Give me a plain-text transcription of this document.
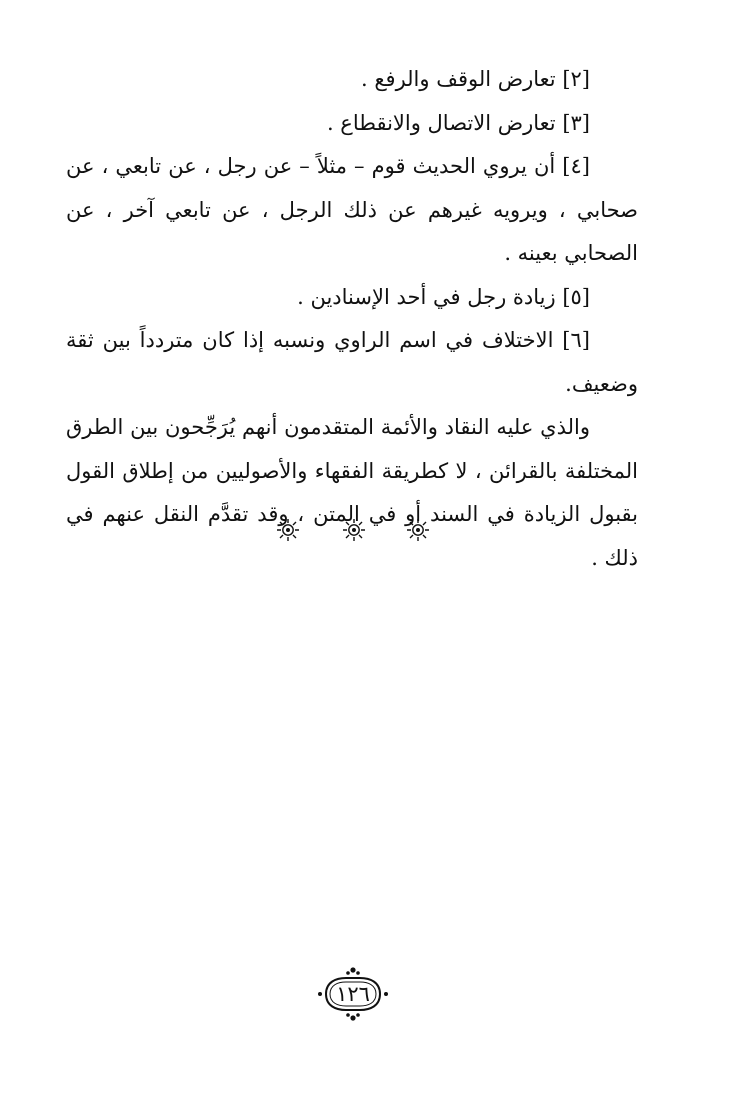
[٢] تعارض الوقف والرفع .

[٣] تعارض الاتصال والانقطاع .

[٤] أن يروي الحديث قوم – مثلاً – عن رجل ، عن تابعي ، عن صحابي ، ويرويه غيرهم عن ذلك الرجل ، عن تابعي آخر ، عن الصحابي بعينه .

[٥] زيادة رجل في أحد الإسنادين .

[٦] الاختلاف في اسم الراوي ونسبه إذا كان متردداً بين ثقة وضعيف.

والذي عليه النقاد والأئمة المتقدمون أنهم يُرَجِّحون بين الطرق المختلفة بالقرائن ، لا كطريقة الفقهاء والأصوليين من إطلاق القول بقبول الزيادة في السند أو في المتن ، وقد تقدَّم النقل عنهم في ذلك .

١٢٦
